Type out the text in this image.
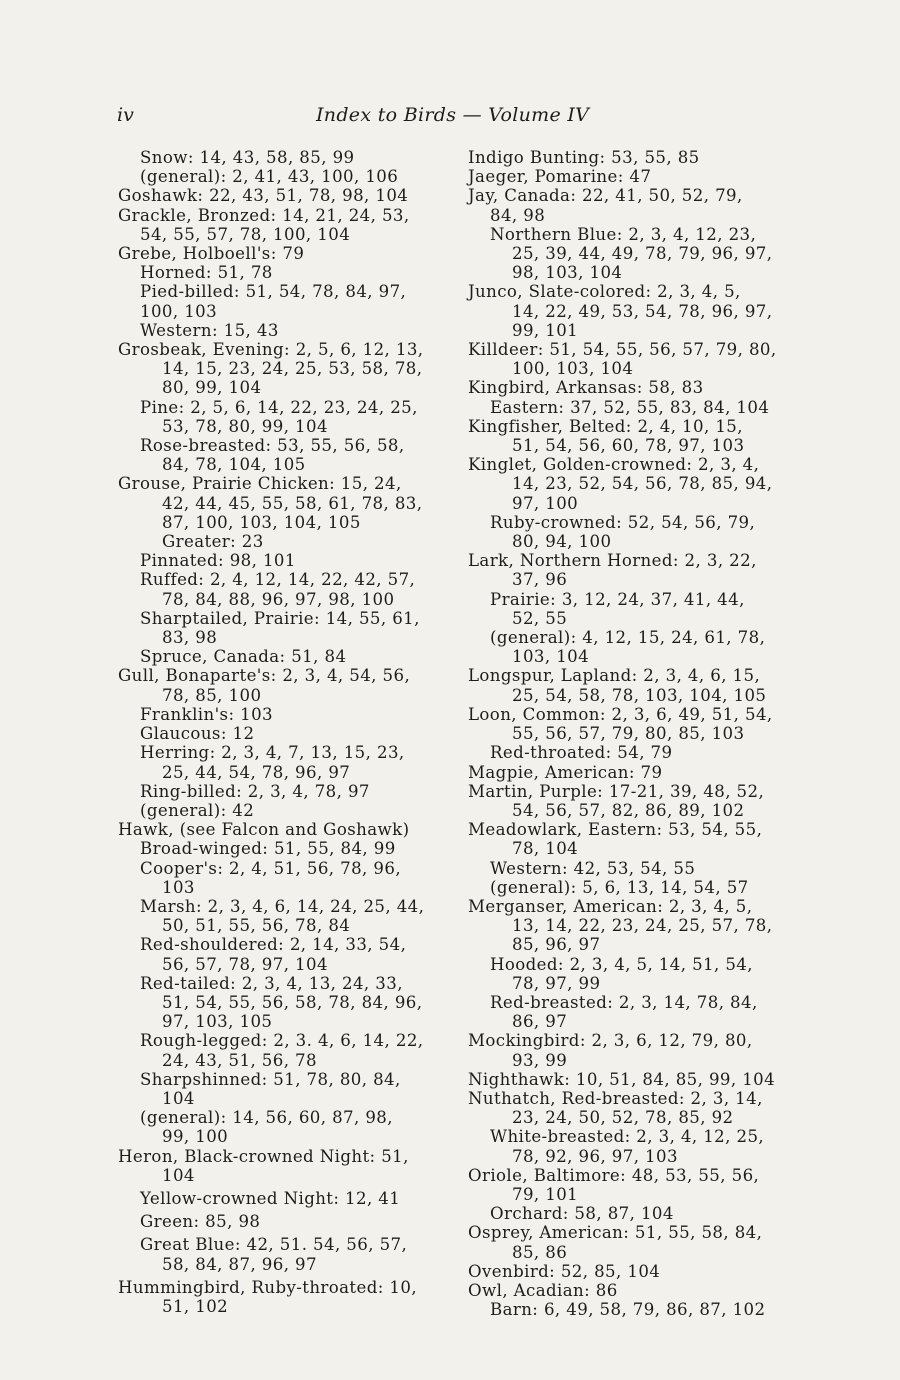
iv	Index to Birds — Volume IV

Snow: 14, 43, 58, 85, 99

(general): 2, 41, 43, 100, 106

Goshawk: 22, 43, 51, 78, 98, 104

Grackle, Bronzed: 14, 21, 24, 53,

54, 55, 57, 78, 100, 104

Grebe, Holboell's: 79

Horned: 51, 78

Pied-billed: 51, 54, 78, 84, 97,

100, 103

Western: 15, 43

Grosbeak, Evening: 2, 5, 6, 12, 13,

14, 15, 23, 24, 25, 53, 58, 78,

80, 99, 104

Pine: 2, 5, 6, 14, 22, 23, 24, 25,

53, 78, 80, 99, 104

Rose-breasted: 53, 55, 56, 58,

84, 78, 104, 105

Grouse, Prairie Chicken: 15, 24,

42, 44, 45, 55, 58, 61, 78, 83,

87, 100, 103, 104, 105

Greater: 23

Pinnated: 98, 101

Ruffed: 2, 4, 12, 14, 22, 42, 57,

78, 84, 88, 96, 97, 98, 100

Sharptailed, Prairie: 14, 55, 61,

83, 98

Spruce, Canada: 51, 84

Gull, Bonaparte's: 2, 3, 4, 54, 56,

78, 85, 100

Franklin's: 103

Glaucous: 12

Herring: 2, 3, 4, 7, 13, 15, 23,

25, 44, 54, 78, 96, 97

Ring-billed: 2, 3, 4, 78, 97

(general): 42

Hawk, (see Falcon and Goshawk)

Broad-winged: 51, 55, 84, 99

Cooper's: 2, 4, 51, 56, 78, 96,

103

Marsh: 2, 3, 4, 6, 14, 24, 25, 44,

50, 51, 55, 56, 78, 84

Red-shouldered: 2, 14, 33, 54,

56, 57, 78, 97, 104

Red-tailed: 2, 3, 4, 13, 24, 33,

51, 54, 55, 56, 58, 78, 84, 96,

97, 103, 105

Rough-legged: 2, 3. 4, 6, 14, 22,

24, 43, 51, 56, 78

Sharpshinned: 51, 78, 80, 84,

104

(general): 14, 56, 60, 87, 98,

99, 100

Heron, Black-crowned Night: 51,

104

Yellow-crowned Night: 12, 41

Green: 85, 98

Great Blue: 42, 51. 54, 56, 57,

58, 84, 87, 96, 97

Hummingbird, Ruby-throated: 10,

51, 102

Indigo Bunting: 53, 55, 85

Jaeger, Pomarine: 47

Jay, Canada: 22, 41, 50, 52, 79,

84, 98

Northern Blue: 2, 3, 4, 12, 23,

25, 39, 44, 49, 78, 79, 96, 97,

98, 103, 104

Junco, Slate-colored: 2, 3, 4, 5,

14, 22, 49, 53, 54, 78, 96, 97,

99, 101

Killdeer: 51, 54, 55, 56, 57, 79, 80,

100, 103, 104

Kingbird, Arkansas: 58, 83

Eastern: 37, 52, 55, 83, 84, 104

Kingfisher, Belted: 2, 4, 10, 15,

51, 54, 56, 60, 78, 97, 103

Kinglet, Golden-crowned: 2, 3, 4,

14, 23, 52, 54, 56, 78, 85, 94,

97, 100

Ruby-crowned: 52, 54, 56, 79,

80, 94, 100

Lark, Northern Horned: 2, 3, 22,

37, 96

Prairie: 3, 12, 24, 37, 41, 44,

52, 55

(general): 4, 12, 15, 24, 61, 78,

103, 104

Longspur, Lapland: 2, 3, 4, 6, 15,

25, 54, 58, 78, 103, 104, 105

Loon, Common: 2, 3, 6, 49, 51, 54,

55, 56, 57, 79, 80, 85, 103

Red-throated: 54, 79

Magpie, American: 79

Martin, Purple: 17-21, 39, 48, 52,

54, 56, 57, 82, 86, 89, 102

Meadowlark, Eastern: 53, 54, 55,

78, 104

Western: 42, 53, 54, 55

(general): 5, 6, 13, 14, 54, 57

Merganser, American: 2, 3, 4, 5,

13, 14, 22, 23, 24, 25, 57, 78,

85, 96, 97

Hooded: 2, 3, 4, 5, 14, 51, 54,

78, 97, 99

Red-breasted: 2, 3, 14, 78, 84,

86, 97

Mockingbird: 2, 3, 6, 12, 79, 80,

93, 99

Nighthawk: 10, 51, 84, 85, 99, 104

Nuthatch, Red-breasted: 2, 3, 14,

23, 24, 50, 52, 78, 85, 92

White-breasted: 2, 3, 4, 12, 25,

78, 92, 96, 97, 103

Oriole, Baltimore: 48, 53, 55, 56,

79, 101

Orchard: 58, 87, 104

Osprey, American: 51, 55, 58, 84,

85, 86

Ovenbird: 52, 85, 104

Owl, Acadian: 86

Barn: 6, 49, 58, 79, 86, 87, 102
